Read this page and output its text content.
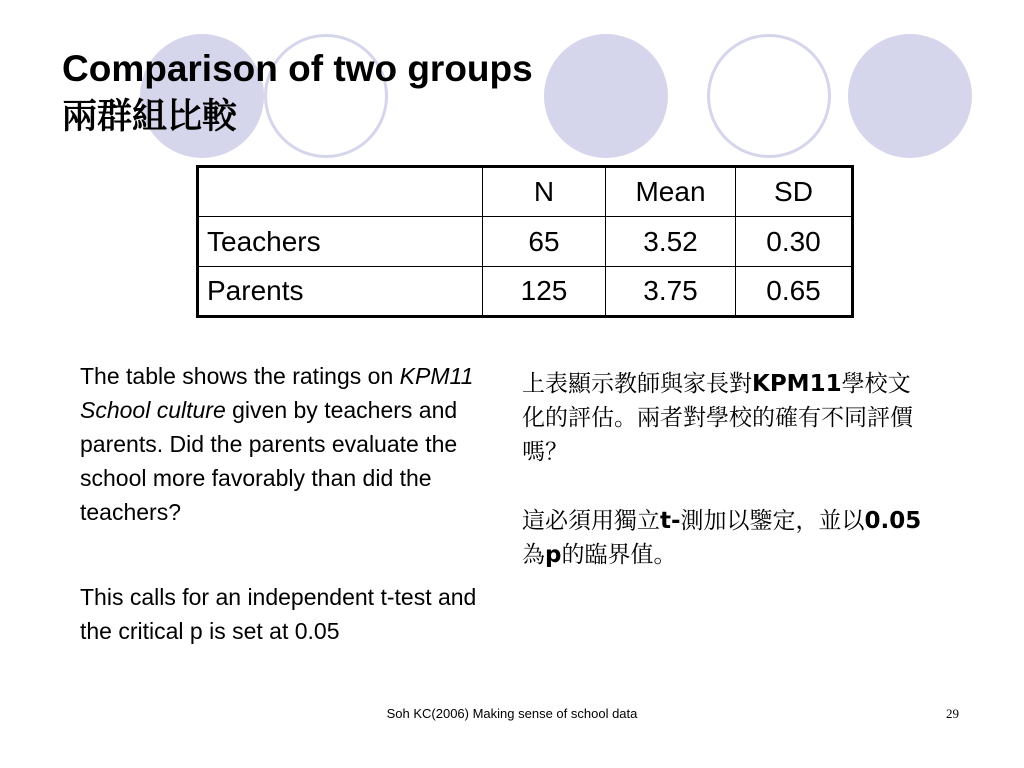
Comparison of two groups
兩群組比較
	N	Mean	SD
Teachers	65	3.52	0.30
Parents	125	3.75	0.65

The table shows the ratings on KPM11 School culture given by teachers and parents. Did the parents evaluate the school more favorably than did the teachers?

This calls for an independent t-test and the critical p is set at 0.05

上表顯示教師與家長對KPM11學校文化的評估。兩者對學校的確有不同評價嗎？

這必須用獨立t-測加以鑒定，並以0.05為p的臨界值。

Soh KC(2006) Making sense of school data	29
